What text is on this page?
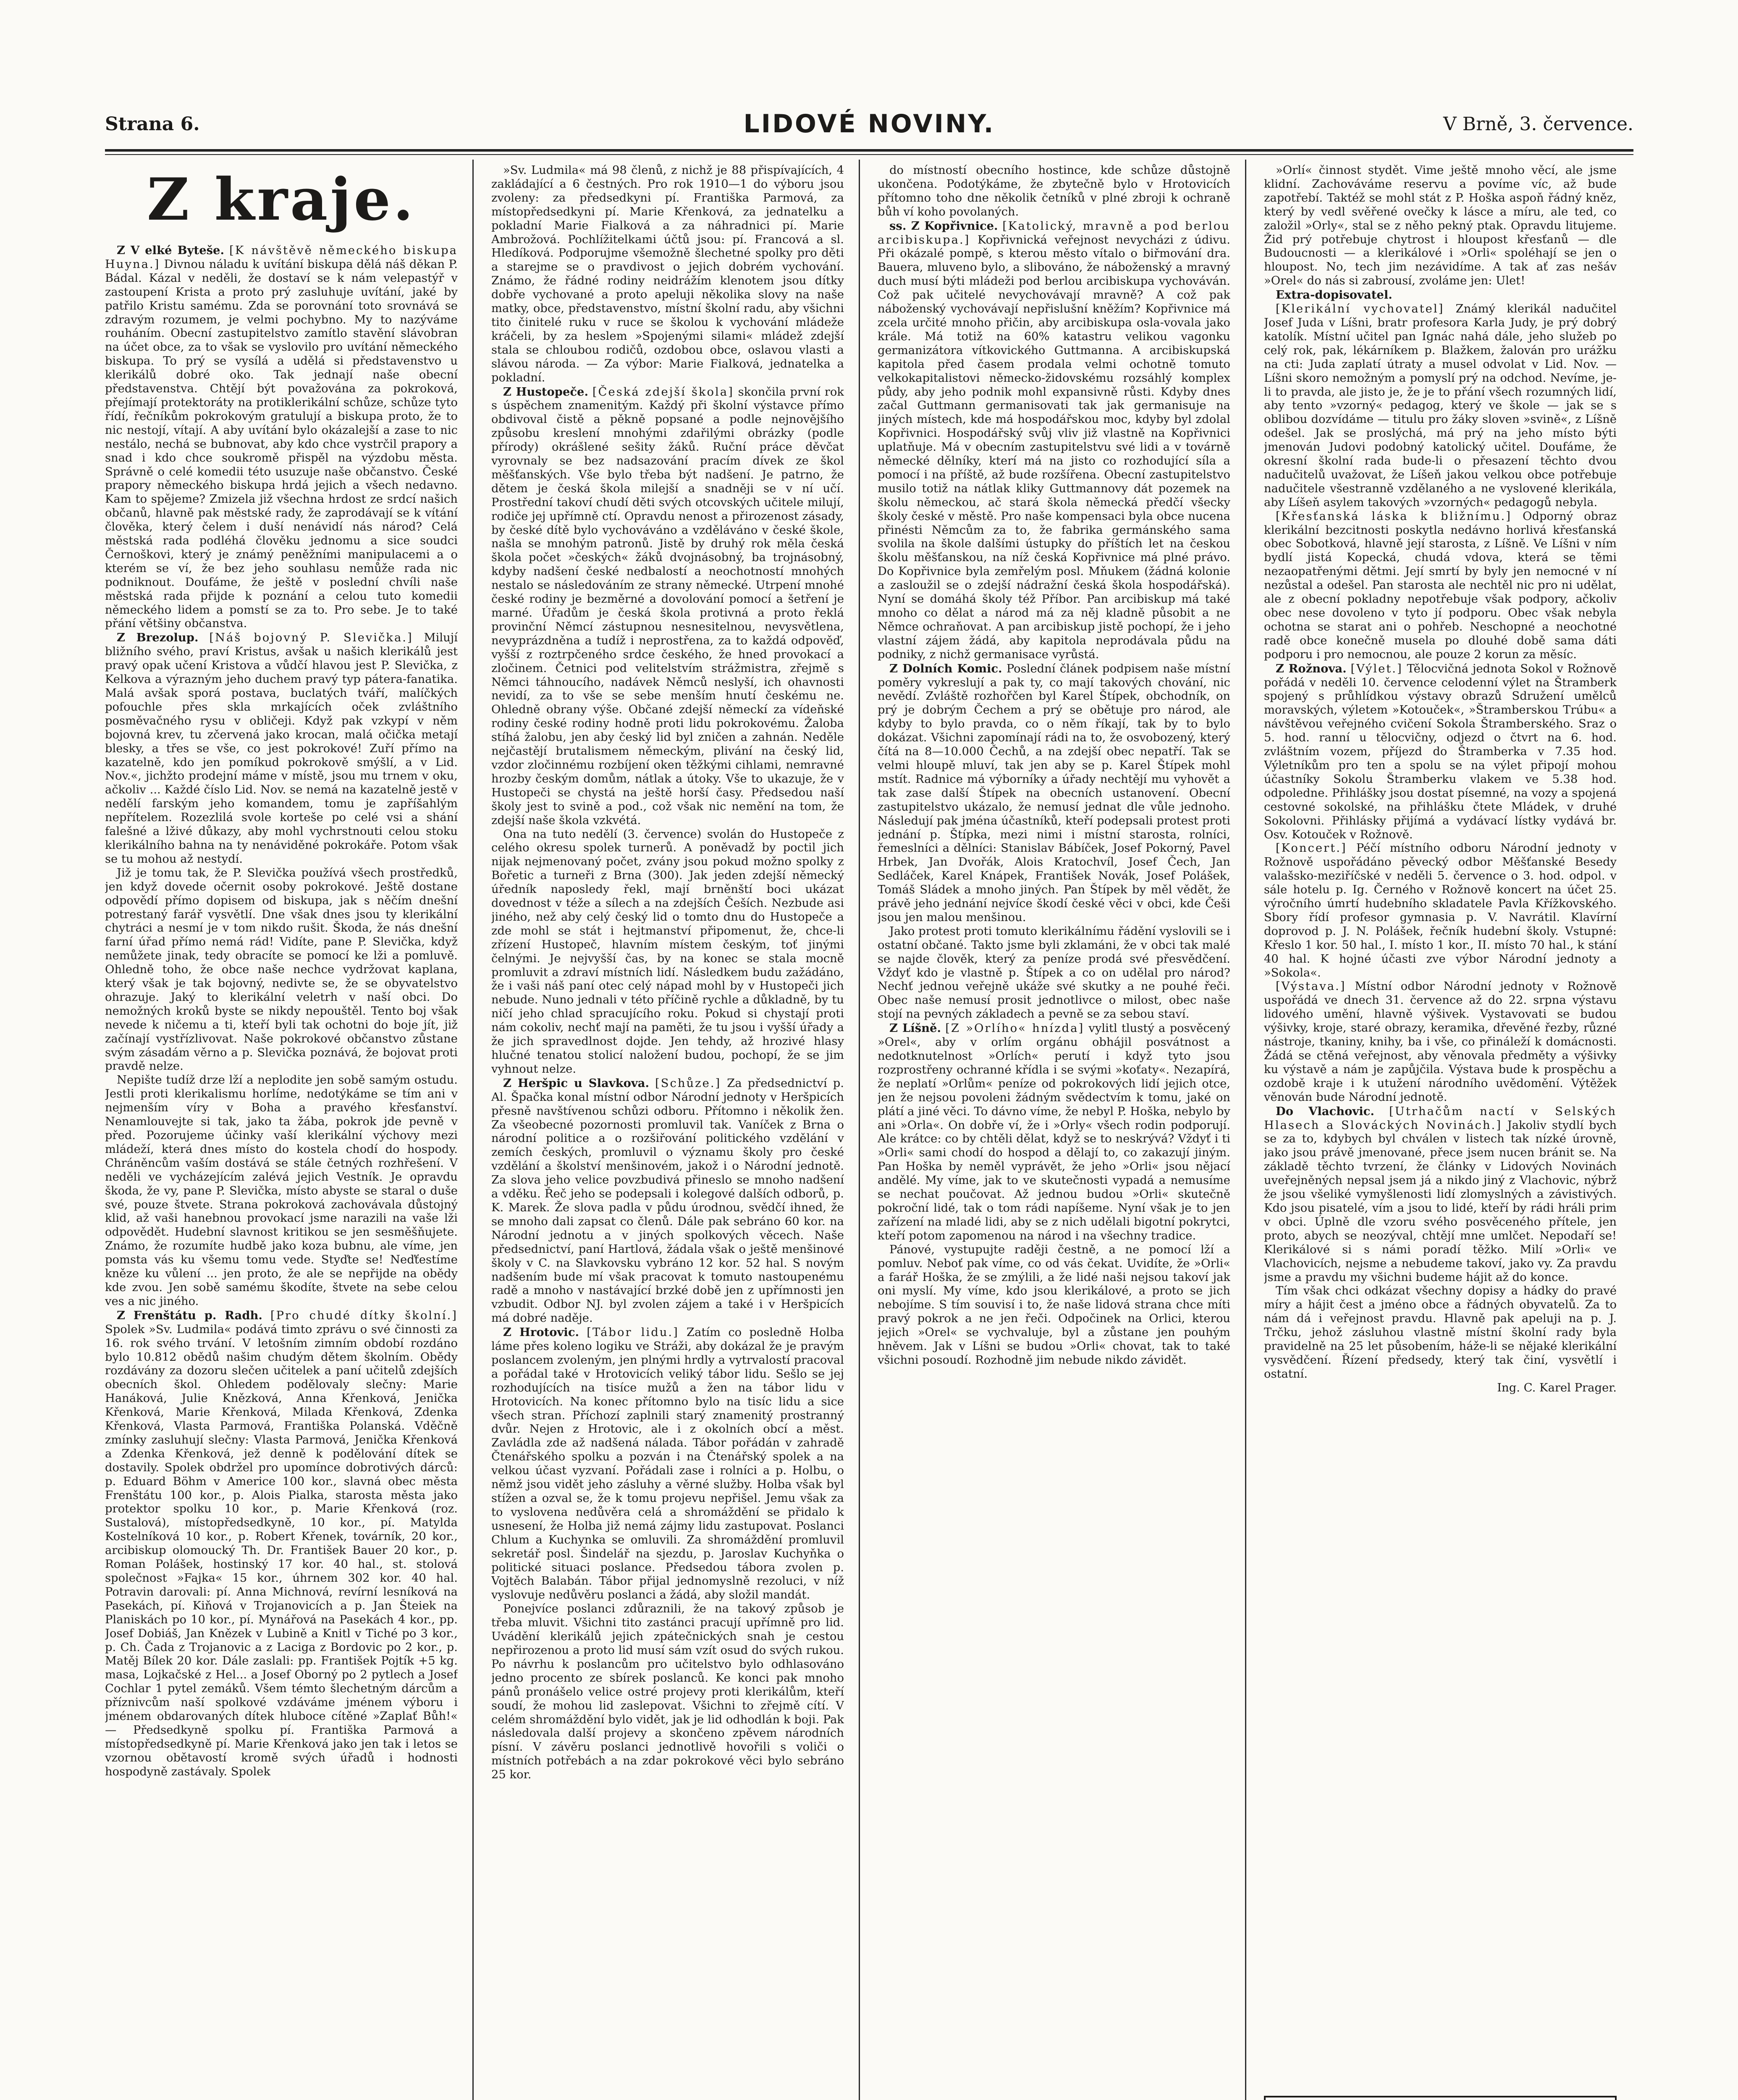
Strana 6.	LIDOVÉ NOVINY.	V Brně, 3. července.
Z kraje.

Z V elké Byteše. [K návštěvě německého biskupa Huyna.] Divnou náladu k uvítání biskupa dělá náš děkan P. Bádal. Kázal v neděli, že dostaví se k nám velepastýř v zastoupení Krista a proto prý zasluhuje uvítání, jaké by patřilo Kristu samému. Zda se porovnání toto srovnává se zdravým rozumem, je velmi pochybno. My to nazýváme rouháním. Obecní zastupitelstvo zamítlo stavění slávobran na účet obce, za to však se vyslovilo pro uvítání německého biskupa. To prý se vysílá a udělá si představenstvo u klerikálů dobré oko. Tak jednají naše obecní představenstva. Chtějí být považována za pokroková, přejímají protektoráty na protiklerikální schůze, schůze tyto řídí, řečníkům pokrokovým gratulují a biskupa proto, že to nic nestojí, vítají. A aby uvítání bylo okázalejší a zase to nic nestálo, nechá se bubnovat, aby kdo chce vystrčil prapory a snad i kdo chce soukromě přispěl na výzdobu města. Správně o celé komedii této usuzuje naše občanstvo. České prapory německého biskupa hrdá jejich a všech nedavno. Kam to spějeme? Zmizela již všechna hrdost ze srdcí našich občanů, hlavně pak městské rady, že zaprodávají se k vítání člověka, který čelem i duší nenávidí nás národ? Celá městská rada podléhá člověku jednomu a sice soudci Černoškovi, který je známý peněžními manipulacemi a o kterém se ví, že bez jeho souhlasu nemůže rada nic podniknout. Doufáme, že ještě v poslední chvíli naše městská rada přijde k poznání a celou tuto komedii německého lidem a pomstí se za to. Pro sebe. Je to také přání většiny občanstva.

Z Brezolup. [Náš bojovný P. Slevička.] Milují bližního svého, praví Kristus, avšak u našich klerikálů jest pravý opak učení Kristova a vůdčí hlavou jest P. Slevička, z Kelkova a výrazným jeho duchem pravý typ pátera-fanatika. Malá avšak sporá postava, buclatých tváří, malíčkých pofouchle přes skla mrkajících oček zvláštního posměvačného rysu v obličeji. Když pak vzkypí v něm bojovná krev, tu zčervená jako krocan, malá očička metají blesky, a třes se vše, co jest pokrokové! Zuří přímo na kazatelně, kdo jen pomíkud pokrokově smýšlí, a v Lid. Nov.«, jichžto prodejní máme v místě, jsou mu trnem v oku, ačkoliv ... Každé číslo Lid. Nov. se nemá na kazatelně jestě v nedělí farským jeho komandem, tomu je zapříšahlým nepřítelem. Rozezlilá svole korteše po celé vsi a shání falešné a lživé důkazy, aby mohl vychrstnouti celou stoku klerikálního bahna na ty nenáviděné pokrokáře. Potom však se tu mohou až nestydí.

Již je tomu tak, že P. Slevička používá všech prostředků, jen když dovede očernit osoby pokrokové. Ještě dostane odpovědí přímo dopisem od biskupa, jak s něčím dnešní potrestaný farář vysvětlí. Dne však dnes jsou ty klerikální chytráci a nesmí je v tom nikdo rušit. Škoda, že nás dnešní farní úřad přímo nemá rád! Vidíte, pane P. Slevička, když nemůžete jinak, tedy obracíte se pomocí ke lži a pomluvě. Ohledně toho, že obce naše nechce vydržovat kaplana, který však je tak bojovný, nedivte se, že se obyvatelstvo ohrazuje. Jaký to klerikální veletrh v naší obci. Do nemožných kroků byste se nikdy nepouštěl. Tento boj však nevede k ničemu a ti, kteří byli tak ochotni do boje jít, již začínají vystřízlivovat. Naše pokrokové občanstvo zůstane svým zásadám věrno a p. Slevička poznává, že bojovat proti pravdě nelze.

Nepište tudíž drze lží a neplodite jen sobě samým ostudu. Jestli proti klerikalismu horlíme, nedotýkáme se tím ani v nejmenším víry v Boha a pravého křesťanství. Nenamlouvejte si tak, jako ta žába, pokrok jde pevně v před. Pozorujeme účinky vaší klerikální výchovy mezi mládeží, která dnes místo do kostela chodí do hospody. Chráněncům vaším dostává se stále četných rozhřešení. V neděli ve vycházejícím zalévá jejich Vestník. Je opravdu škoda, že vy, pane P. Slevička, místo abyste se staral o duše své, pouze štvete. Strana pokroková zachovávala důstojný klid, až vaši hanebnou provokací jsme narazili na vaše lži odpovědět. Hudební slavnost kritikou se jen sesměšňujete. Známo, že rozumíte hudbě jako koza bubnu, ale víme, jen pomsta vás ku všemu tomu vede. Styďte se! Neďťestíme kněze ku vůlení ... jen proto, že ale se nepřijde na obědy kde zvou. Jen sobě samému škodíte, štvete na sebe celou ves a nic jiného.

Z Frenštátu p. Radh. [Pro chudé dítky školní.] Spolek »Sv. Ludmila« podává timto zprávu o své činnosti za 16. rok svého trvání. V letošním zimním období rozdáno bylo 10.812 obědů našim chudým dětem školním. Obědy rozdávány za dozoru slečen učitelek a paní učitelů zdejších obecních škol. Ohledem podělovaly slečny: Marie Hanáková, Julie Knězková, Anna Křenková, Jenička Křenková, Marie Křenková, Milada Křenková, Zdenka Křenková, Vlasta Parmová, Františka Polanská. Vděčně zmínky zasluhují slečny: Vlasta Parmová, Jenička Křenková a Zdenka Křenková, jež denně k podělování dítek se dostavily. Spolek obdržel pro upomínce dobrotivých dárců: p. Eduard Böhm v Americe 100 kor., slavná obec města Frenštátu 100 kor., p. Alois Pialka, starosta města jako protektor spolku 10 kor., p. Marie Křenková (roz. Sustalová), místopředsedkyně, 10 kor., pí. Matylda Kostelníková 10 kor., p. Robert Křenek, továrník, 20 kor., arcibiskup olomoucký Th. Dr. František Bauer 20 kor., p. Roman Polášek, hostinský 17 kor. 40 hal., st. stolová společnost »Fajka« 15 kor., úhrnem 302 kor. 40 hal. Potravin darovali: pí. Anna Michnová, revírní lesníková na Pasekách, pí. Kiňová v Trojanovicích a p. Jan Šteiek na Planiskách po 10 kor., pí. Mynářová na Pasekách 4 kor., pp. Josef Dobiáš, Jan Knězek v Lubině a Knitl v Tiché po 3 kor., p. Ch. Čada z Trojanovic a z Laciga z Bordovic po 2 kor., p. Matěj Bílek 20 kor. Dále zaslali: pp. František Pojtík +5 kg. masa, Lojkačské z Hel... a Josef Oborný po 2 pytlech a Josef Cochlar 1 pytel zemáků. Všem témto šlechetným dárcům a příznivcům naší spolkové vzdáváme jménem výboru i jménem obdarovaných dítek hluboce cítěné »Zaplať Bůh!« — Předsedkyně spolku pí. Františka Parmová a místopředsedkyně pí. Marie Křenková jako jen tak i letos se vzornou obětavostí kromě svých úřadů i hodnosti hospodyně zastávaly. Spolek

»Sv. Ludmila« má 98 členů, z nichž je 88 přispívajících, 4 zakládající a 6 čestných. Pro rok 1910—1 do výboru jsou zvoleny: za předsedkyni pí. Františka Parmová, za místopředsedkyni pí. Marie Křenková, za jednatelku a pokladní Marie Fialková a za náhradnici pí. Marie Ambrožová. Pochlížitelkami účtů jsou: pí. Francová a sl. Hledíková. Podporujme všemožně šlechetné spolky pro děti a starejme se o pravdivost o jejich dobrém vychování. Známo, že řádné rodiny neidrážím klenotem jsou dítky dobře vychované a proto apeluji několika slovy na naše matky, obce, představenstvo, místní školní radu, aby všichni tito činitelé ruku v ruce se školou k vychování mládeže kráčeli, by za heslem »Spojenými silami« mládež zdejší stala se chloubou rodičů, ozdobou obce, oslavou vlasti a slávou národa. — Za výbor: Marie Fialková, jednatelka a pokladní.

Z Hustopeče. [Česká zdejší škola] skončila první rok s úspěchem znamenitým. Každý při školní výstavce přímo obdivoval čistě a pěkně popsané a podle nejnovějšího způsobu kreslení mnohými zdařilými obrázky (podle přírody) okrášlené sešity žáků. Ruční práce děvčat vyrovnaly se bez nadsazování pracím dívek ze škol měšťanských. Vše bylo třeba být nadšení. Je patrno, že dětem je česká škola milejší a snadněji se v ní učí. Prostřední takoví chudí děti svých otcovských učitele milují, rodiče jej upřímně ctí. Opravdu nenost a přirozenost zásady, by české dítě bylo vychováváno a vzděláváno v české škole, našla se mnohým patronů. Jistě by druhý rok měla česká škola počet »českých« žáků dvojnásobný, ba trojnásobný, kdyby nadšení české nedbalostí a neochotností mnohých nestalo se následováním ze strany německé. Utrpení mnohé české rodiny je bezměrné a dovolování pomocí a šetření je marné. Úřadům je česká škola protivná a proto řeklá provinční Němcí zástupnou nesnesitelnou, nevysvětlena, nevyprázdněna a tudíž i neprostřena, za to každá odpověď, vyšší z roztrpčeného srdce českého, že hned provokací a zločinem. Četnici pod velitelstvím strážmistra, zřejmě s Němci táhnoucího, nadávek Němců neslyší, ich ohavnosti nevidí, za to vše se sebe menším hnutí českému ne. Ohledně obrany výše. Občané zdejší německí za vídeňské rodiny české rodiny hodně proti lidu pokrokovému. Žaloba stíhá žalobu, jen aby český lid byl zničen a zahnán. Neděle nejčastějí brutalismem německým, plivání na český lid, vzdor zločinnému rozbíjení oken těžkými cihlami, nemravné hrozby českým domům, nátlak a útoky. Vše to ukazuje, že v Hustopeči se chystá na ještě horší časy. Předsedou naší školy jest to svině a pod., což však nic nemění na tom, že zdejší naše škola vzkvétá.

Ona na tuto nedělí (3. července) svolán do Hustopeče z celého okresu spolek turnerů. A poněvadž by poctil jich nijak nejmenovaný počet, zvány jsou pokud možno spolky z Bořetic a turneři z Brna (300). Jak jeden zdejší německý úředník naposledy řekl, mají brněnští boci ukázat dovednost v téže a sílech a na zdejších Češích. Nezbude asi jiného, než aby celý český lid o tomto dnu do Hustopeče a zde mohl se stát i hejtmanství připomenut, že, chce-li zřízení Hustopeč, hlavním místem českým, toť jinými čelnými. Je nejvyšší čas, by na konec se stala mocně promluvit a zdraví místních lidí. Následkem budu zažádáno, že i vaši náš paní otec celý nápad mohl by v Hustopeči jich nebude. Nuno jednali v této příčině rychle a důkladně, by tu ničí jeho chlad spracujícího roku. Pokud si chystají proti nám cokoliv, nechť mají na paměti, že tu jsou i vyšší úřady a že jich spravedlnost dojde. Jen tehdy, až hrozivé hlasy hlučné tenatou stolicí naložení budou, pochopí, že se jim vyhnout nelze.

Z Heršpic u Slavkova. [Schůze.] Za předsednictví p. Al. Špačka konal místní odbor Národní jednoty v Heršpicích přesně navštívenou schůzi odboru. Přítomno i několik žen. Za všeobecné pozornosti promluvil tak. Vaníček z Brna o národní politice a o rozšiřování politického vzdělání v zemích českých, promluvil o významu školy pro české vzdělání a školství menšinovém, jakož i o Národní jednotě. Za slova jeho velice povzbudivá přineslo se mnoho nadšení a vděku. Řeč jeho se podepsali i kolegové dalších odborů, p. K. Marek. Že slova padla v půdu úrodnou, svědčí ihned, že se mnoho dali zapsat co členů. Dále pak sebráno 60 kor. na Národní jednotu a v jiných spolkových věcech. Naše předsednictví, paní Hartlová, žádala však o ještě menšinové školy v C. na Slavkovsku vybráno 12 kor. 52 hal. S novým nadšením bude mí však pracovat k tomuto nastoupenému radě a mnoho v nastávající brzké době jen z upřímnosti jen vzbudit. Odbor NJ. byl zvolen zájem a také i v Heršpicích má dobré naděje.

Z Hrotovic. [Tábor lidu.] Zatím co posledně Holba láme přes koleno logiku ve Stráži, aby dokázal že je pravým poslancem zvoleným, jen plnými hrdly a vytrvalostí pracoval a pořádal také v Hrotovicích veliký tábor lidu. Sešlo se jej rozhodujících na tisíce mužů a žen na tábor lidu v Hrotovicích. Na konec přítomno bylo na tisíc lidu a sice všech stran. Příchozí zaplnili starý znamenitý prostranný dvůr. Nejen z Hrotovic, ale i z okolních obcí a měst. Zavládla zde až nadšená nálada. Tábor pořádán v zahradě Čtenářského spolku a pozván i na Čtenářský spolek a na velkou účast vyzvaní. Pořádali zase i rolníci a p. Holbu, o němž jsou vidět jeho zásluhy a věrné služby. Holba však byl stížen a ozval se, že k tomu projevu nepřišel. Jemu však za to vyslovena nedůvěra celá a shromáždění se přidalo k usnesení, že Holba již nemá zájmy lidu zastupovat. Poslanci Chlum a Kuchynka se omluvili. Za shromáždění promluvil sekretář posl. Šindelář na sjezdu, p. Jaroslav Kuchyňka o politické situaci poslance. Předsedou tábora zvolen p. Vojtěch Balabán. Tábor přijal jednomyslně rezoluci, v níž vyslovuje nedůvěru poslanci a žádá, aby složil mandát.

Ponejvíce poslanci zdůraznili, že na takový způsob je třeba mluvit. Všichni tito zastánci pracují upřímně pro lid. Uvádění klerikálů jejich zpátečnických snah je cestou nepřirozenou a proto lid musí sám vzít osud do svých rukou. Po návrhu k poslancům pro učitelstvo bylo odhlasováno jedno procento ze sbírek poslanců. Ke konci pak mnoho pánů pronášelo velice ostré projevy proti klerikálům, kteří soudí, že mohou lid zaslepovat. Všichni to zřejmě cítí. V celém shromáždění bylo vidět, jak je lid odhodlán k boji. Pak následovala další projevy a skončeno zpěvem národních písní. V závěru poslanci jednotlivě hovořili s voliči o místních potřebách a na zdar pokrokové věci bylo sebráno 25 kor.

do místností obecního hostince, kde schůze důstojně ukončena. Podotýkáme, že zbytečně bylo v Hrotovicích přítomno toho dne několik četníků v plné zbroji k ochraně bůh ví koho povolaných.

ss. Z Kopřivnice. [Katolický, mravně a pod berlou arcibiskupa.] Kopřivnická veřejnost nevycházi z údivu. Při okázalé pompě, s kterou město vítalo o biřmování dra. Bauera, mluveno bylo, a slibováno, že náboženský a mravný duch musí býti mládeži pod berlou arcibiskupa vychováván. Což pak učitelé nevychovávají mravně? A což pak náboženský vychovávají nepřislušní kněžím? Kopřivnice má zcela určité mnoho přičin, aby arcibiskupa osla-vovala jako krále. Má totiž na 60% katastru velikou vagonku germanizátora vítkovického Guttmanna. A arcibiskupská kapitola před časem prodala velmi ochotně tomuto velkokapitalistovi německo-židovskému rozsáhlý komplex půdy, aby jeho podnik mohl expansivně růsti. Kdyby dnes začal Guttmann germanisovati tak jak germanisuje na jiných místech, kde má hospodářskou moc, kdyby byl zdolal Kopřivnici. Hospodářský svůj vliv již vlastně na Kopřivnici uplatňuje. Má v obecním zastupitelstvu své lidi a v továrně německé dělníky, kterí má na jisto co rozhodující síla a pomocí i na příště, až bude rozšířena. Obecní zastupitelstvo musilo totiž na nátlak kliky Guttmannovy dát pozemek na školu německou, ač stará škola německá předčí všecky školy české v městě. Pro naše kompensaci byla obce nucena přinésti Němcům za to, že fabrika germánského sama svolila na škole dalšími ústupky do příštích let na českou školu měšťanskou, na níž česká Kopřivnice má plné právo. Do Kopřivnice byla zemřelým posl. Mňukem (žádná kolonie a zasloužil se o zdejší nádražní česká škola hospodářská). Nyní se domáhá školy též Příbor. Pan arcibiskup má také mnoho co dělat a národ má za něj kladně působit a ne Němce ochraňovat. A pan arcibiskup jistě pochopí, že i jeho vlastní zájem žádá, aby kapitola neprodávala půdu na podniky, z nichž germanisace vyrůstá.

Z Dolních Komic. Poslední článek podpisem naše místní poměry vykreslují a pak ty, co mají takových chování, nic nevědí. Zvláště rozhořčen byl Karel Štípek, obchodník, on prý je dobrým Čechem a prý se obětuje pro národ, ale kdyby to bylo pravda, co o něm říkají, tak by to bylo dokázat. Všichni zapomínají rádi na to, že osvobozený, který čítá na 8—10.000 Čechů, a na zdejší obec nepatří. Tak se velmi hloupě mluví, tak jen aby se p. Karel Štípek mohl mstít. Radnice má výborníky a úřady nechtějí mu vyhovět a tak zase další Štípek na obecních ustanovení. Obecní zastupitelstvo ukázalo, že nemusí jednat dle vůle jednoho. Následují pak jména účastníků, kteří podepsali protest proti jednání p. Štípka, mezi nimi i místní starosta, rolníci, řemeslníci a dělníci: Stanislav Bábíček, Josef Pokorný, Pavel Hrbek, Jan Dvořák, Alois Kratochvíl, Josef Čech, Jan Sedláček, Karel Knápek, František Novák, Josef Polášek, Tomáš Sládek a mnoho jiných. Pan Štípek by měl vědět, že právě jeho jednání nejvíce škodí české věci v obci, kde Češi jsou jen malou menšinou.

Jako protest proti tomuto klerikálnímu řádění vyslovili se i ostatní občané. Takto jsme byli zklamáni, že v obci tak malé se najde člověk, který za peníze prodá své přesvědčení. Vždyť kdo je vlastně p. Štípek a co on udělal pro národ? Nechť jednou veřejně ukáže své skutky a ne pouhé řeči. Obec naše nemusí prosit jednotlivce o milost, obec naše stojí na pevných základech a pevně se za sebou staví.

Z Líšně. [Z »Orlího« hnízda] vylitl tlustý a posvěcený »Orel«, aby v orlím orgánu obhájil posvátnost a nedotknutelnost »Orlích« perutí i když tyto jsou rozprostřeny ochranné křídla i se svými »koťaty«. Nezapírá, že neplatí »Orlům« peníze od pokrokových lidí jejich otce, jen že nejsou povoleni žádným svědectvím k tomu, jaké on plátí a jiné věci. To dávno víme, že nebyl P. Hoška, nebylo by ani »Orla«. On dobře ví, že i »Orly« všech rodin podporují. Ale krátce: co by chtěli dělat, když se to neskrývá? Vždyť i ti »Orli« sami chodí do hospod a dělají to, co zakazují jiným. Pan Hoška by neměl vyprávět, že jeho »Orli« jsou nějací andělé. My víme, jak to ve skutečnosti vypadá a nemusíme se nechat poučovat. Až jednou budou »Orli« skutečně pokroční lidé, tak o tom rádi napíšeme. Nyní však je to jen zařízení na mladé lidi, aby se z nich udělali bigotní pokrytci, kteří potom zapomenou na národ i na všechny tradice.

Pánové, vystupujte raději čestně, a ne pomocí lží a pomluv. Neboť pak víme, co od vás čekat. Uvidíte, že »Orli« a farář Hoška, že se zmýlili, a že lidé naši nejsou takoví jak oni myslí. My víme, kdo jsou klerikálové, a proto se jich nebojíme. S tím souvisí i to, že naše lidová strana chce míti pravý pokrok a ne jen řeči. Odpočinek na Orlici, kterou jejich »Orel« se vychvaluje, byl a zůstane jen pouhým hněvem. Jak v Líšni se budou »Orli« chovat, tak to také všichni posoudí. Rozhodně jim nebude nikdo závidět.

»Orlí« činnost stydět. Vime ještě mnoho věcí, ale jsme klidní. Zachováváme reservu a povíme víc, až bude zapotřebí. Taktéž se mohl stát z P. Hoška aspoň řádný kněz, který by vedl svěřené ovečky k lásce a míru, ale ted, co založil »Orly«, stal se z něho pekný ptak. Opravdu litujeme. Žid prý potřebuje chytrost i hloupost křesťanů — dle Budoucnosti — a klerikálové i »Orli« spoléhají se jen o hloupost. No, tech jim nezávidíme. A tak ať zas nešáv »Orel« do nás si zabrousí, zvoláme jen: Ulet!

Extra-dopisovatel.

[Klerikální vychovatel] Známý klerikál nadučitel Josef Juda v Líšni, bratr profesora Karla Judy, je prý dobrý katolík. Místní učitel pan Ignác nahá dále, jeho služeb po celý rok, pak, lékárníkem p. Blažkem, žalován pro urážku na cti: Juda zaplatí útraty a musel odvolat v Lid. Nov. — Líšni skoro nemožným a pomyslí prý na odchod. Nevíme, je-li to pravda, ale jisto je, že je to přání všech rozumných lidí, aby tento »vzorný« pedagog, který ve škole — jak se s oblibou dozvídáme — titulu pro žáky sloven »svině«, z Líšně odešel. Jak se proslýchá, má prý na jeho místo býti jmenován Judovi podobný katolický učitel. Doufáme, že okresní školní rada bude-li o přesazení těchto dvou nadučitelů uvažovat, že Líšeň jakou velkou obce potřebuje nadučitele všestranně vzdělaného a ne vyslovené klerikála, aby Líšeň asylem takových »vzorných« pedagogů nebyla.

[Křesťanská láska k bližnímu.] Odporný obraz klerikální bezcitnosti poskytla nedávno horlivá křesťanská obec Sobotková, hlavně její starosta, z Líšně. Ve Líšni v ním bydlí jistá Kopecká, chudá vdova, která se těmi nezaopatřenými dětmi. Její smrtí by byly jen nemocné v ní nezůstal a odešel. Pan starosta ale nechtěl nic pro ni udělat, ale z obecní pokladny nepotřebuje však podpory, ačkoliv obec nese dovoleno v tyto jí podporu. Obec však nebyla ochotna se starat ani o pohřeb. Neschopné a neochotné radě obce konečně musela po dlouhé době sama dáti podporu i pro nemocnou, ale pouze 2 korun za měsíc.

Z Rožnova. [Výlet.] Tělocvičná jednota Sokol v Rožnově pořádá v neděli 10. července celodenní výlet na Štramberk spojený s průhlídkou výstavy obrazů Sdružení umělců moravských, výletem »Kotouček«, »Štramberskou Trúbu« a návštěvou veřejného cvičení Sokola Štramberského. Sraz o 5. hod. ranní u tělocvičny, odjezd o čtvrt na 6. hod. zvláštním vozem, příjezd do Štramberka v 7.35 hod. Výletníkům pro ten a spolu se na výlet připojí mohou účastníky Sokolu Štramberku vlakem ve 5.38 hod. odpoledne. Přihlášky jsou dostat písemné, na vozy a spojená cestovné sokolské, na přihlášku čtete Mládek, v druhé Sokolovni. Přihlásky přijímá a vydávací lístky vydává br. Osv. Kotouček v Rožnově.

[Koncert.] Péčí místního odboru Národní jednoty v Rožnově uspořádáno pěvecký odbor Měšťanské Besedy valašsko-meziříčské v neděli 5. července o 3. hod. odpol. v sále hotelu p. Ig. Černého v Rožnově koncert na účet 25. výročního úmrtí hudebního skladatele Pavla Křížkovského. Sbory řídí profesor gymnasia p. V. Navrátil. Klavírní doprovod p. J. N. Polášek, řečník hudební školy. Vstupné: Křeslo 1 kor. 50 hal., I. místo 1 kor., II. místo 70 hal., k stání 40 hal. K hojné účasti zve výbor Národní jednoty a »Sokola«.

[Výstava.] Místní odbor Národní jednoty v Rožnově uspořádá ve dnech 31. července až do 22. srpna výstavu lidového umění, hlavně výšivek. Vystavovati se budou výšivky, kroje, staré obrazy, keramika, dřevěné řezby, různé nástroje, tkaniny, knihy, ba i vše, co přináleží k domácnosti. Žádá se ctěná veřejnost, aby věnovala předměty a výšivky ku výstavě a nám je zapůjčila. Výstava bude k prospěchu a ozdobě kraje i k utužení národního uvědomění. Výtěžek věnován bude Národní jednotě.

Do Vlachovic. [Utrhačům nactí v Selských Hlasech a Slováckých Novinách.] Jakoliv stydlí bych se za to, kdybych byl chválen v listech tak nízké úrovně, jako jsou právě jmenované, přece jsem nucen bránit se. Na základě těchto tvrzení, že články v Lidových Novinách uveřejněných nepsal jsem já a nikdo jiný z Vlachovic, nýbrž že jsou všeliké vymyšlenosti lidí zlomyslných a závistivých. Kdo jsou pisatelé, vím a jsou to lidé, kteří by rádi hráli prim v obci. Úplně dle vzoru svého posvěceného přítele, jen proto, abych se neozýval, chtějí mne umlčet. Nepodaří se! Klerikálové si s námi poradí těžko. Milí »Orli« ve Vlachovicích, nejsme a nebudeme takoví, jako vy. Za pravdu jsme a pravdu my všichni budeme hájit až do konce.

Tím však chci odkázat všechny dopisy a hádky do pravé míry a hájit čest a jméno obce a řádných obyvatelů. Za to nám dá i veřejnost pravdu. Hlavně pak apeluji na p. J. Trčku, jehož zásluhou vlastně místní školní rady byla pravidelně na 25 let působením, háže-li se nějaké klerikální vysvědčení. Řízení předsedy, který tak činí, vysvětlí i ostatní.

Ing. C. Karel Prager.
